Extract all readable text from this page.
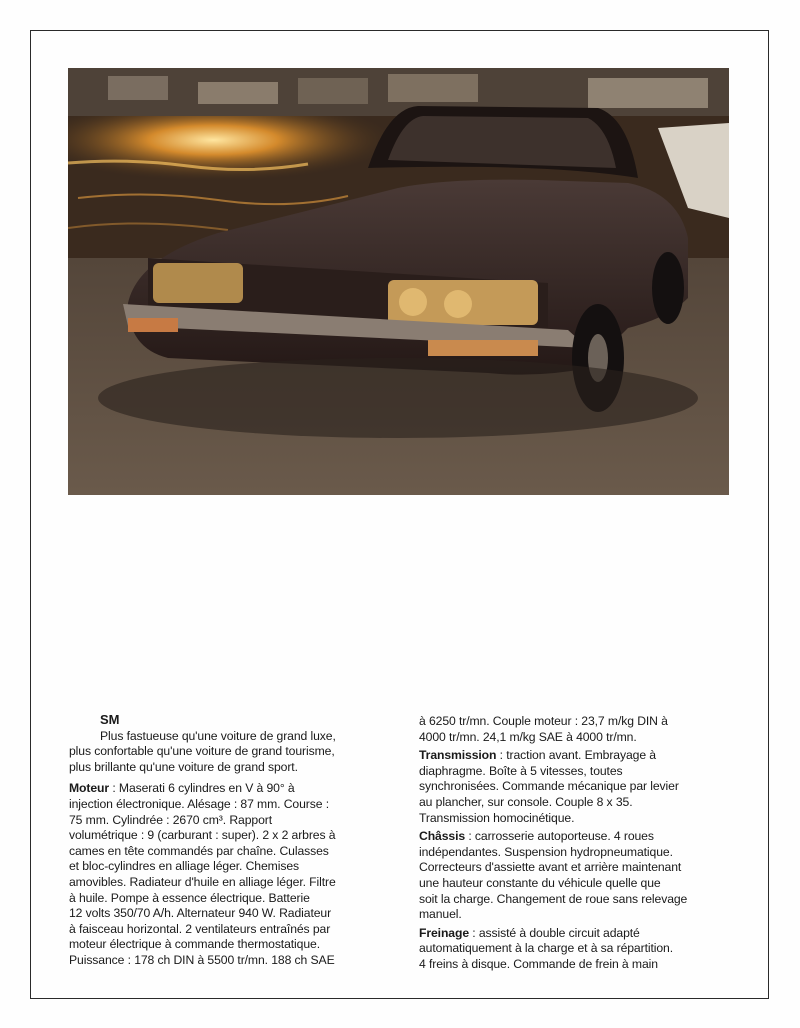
SM
Plus fastueuse qu'une voiture de grand luxe,
plus confortable qu'une voiture de grand tourisme,
plus brillante qu'une voiture de grand sport.
Moteur : Maserati 6 cylindres en V à 90° à
injection électronique. Alésage : 87 mm. Course :
75 mm. Cylindrée : 2670 cm³. Rapport
volumétrique : 9 (carburant : super). 2 x 2 arbres à
cames en tête commandés par chaîne. Culasses
et bloc-cylindres en alliage léger. Chemises
amovibles. Radiateur d'huile en alliage léger. Filtre
à huile. Pompe à essence électrique. Batterie
12 volts 350/70 A/h. Alternateur 940 W. Radiateur
à faisceau horizontal. 2 ventilateurs entraînés par
moteur électrique à commande thermostatique.
Puissance : 178 ch DIN à 5500 tr/mn. 188 ch SAE
à 6250 tr/mn. Couple moteur : 23,7 m/kg DIN à
4000 tr/mn. 24,1 m/kg SAE à 4000 tr/mn.
Transmission : traction avant. Embrayage à
diaphragme. Boîte à 5 vitesses, toutes
synchronisées. Commande mécanique par levier
au plancher, sur console. Couple 8 x 35.
Transmission homocinétique.
Châssis : carrosserie autoporteuse. 4 roues
indépendantes. Suspension hydropneumatique.
Correcteurs d'assiette avant et arrière maintenant
une hauteur constante du véhicule quelle que
soit la charge. Changement de roue sans relevage
manuel.
Freinage : assisté à double circuit adapté
automatiquement à la charge et à sa répartition.
4 freins à disque. Commande de frein à main
